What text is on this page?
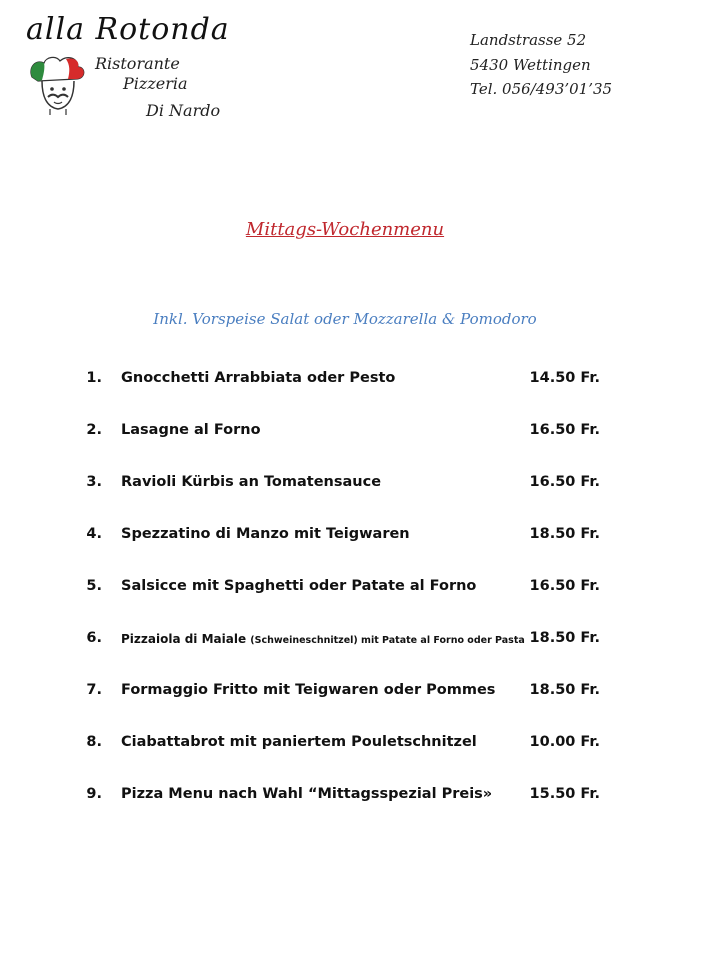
alla Rotonda
Ristorante
Pizzeria
Di Nardo
Landstrasse 52
5430 Wettingen
Tel. 056/493’01’35
Mittags-Wochenmenu
Inkl. Vorspeise Salat oder Mozzarella & Pomodoro
1. Gnocchetti Arrabbiata oder Pesto	14.50 Fr.
2. Lasagne al Forno	16.50 Fr.
3. Ravioli Kürbis an Tomatensauce	16.50 Fr.
4. Spezzatino di Manzo mit Teigwaren	18.50 Fr.
5. Salsicce mit Spaghetti oder Patate al Forno	16.50 Fr.
6. Pizzaiola di Maiale (Schweineschnitzel) mit Patate al Forno oder Pasta 18.50 Fr.
7. Formaggio Fritto mit Teigwaren oder Pommes	18.50 Fr.
8. Ciabattabrot mit paniertem Pouletschnitzel	10.00 Fr.
9. Pizza Menu nach Wahl “Mittagsspezial Preis»	15.50 Fr.
